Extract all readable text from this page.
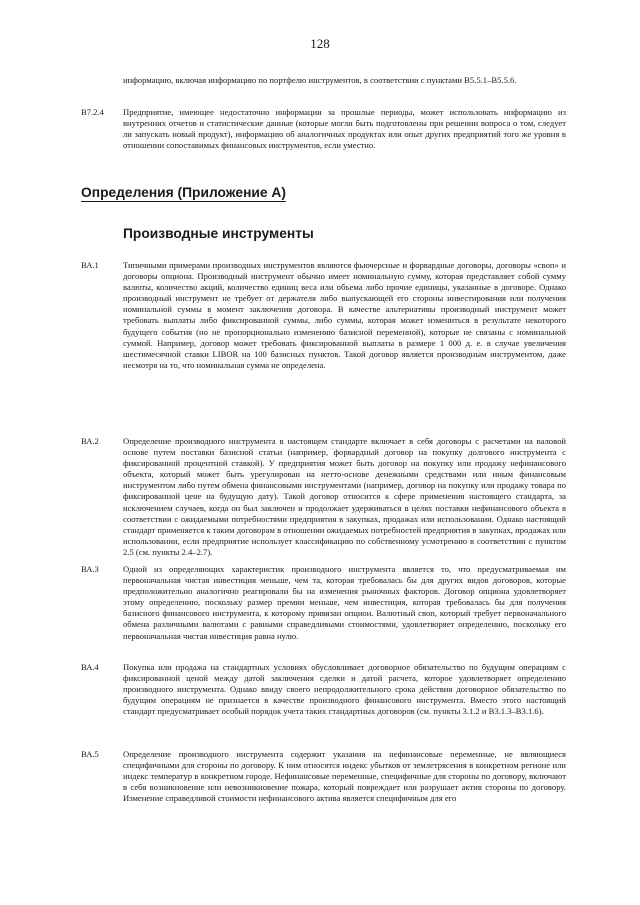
128
информацию, включая информацию по портфелю инструментов, в соответствии с пунктами В5.5.1–В5.5.6.
В7.2.4 Предприятие, имеющее недостаточно информации за прошлые периоды, может использовать информацию из внутренних отчетов и статистические данные (которые могли быть подготовлены при решении вопроса о том, следует ли запускать новый продукт), информацию об аналогичных продуктах или опыт других предприятий того же уровня в отношении сопоставимых финансовых инструментов, если уместно.
Определения (Приложение А)
Производные инструменты
ВА.1	Типичными примерами производных инструментов являются фьючерсные и форвардные договоры, договоры «своп» и договоры опциона. Производный инструмент обычно имеет номинальную сумму, которая представляет собой сумму валюты, количество акций, количество единиц веса или объема либо прочие единицы, указанные в договоре. Однако производный инструмент не требует от держателя либо выпускающей его стороны инвестирования или получения номинальной суммы в момент заключения договора. В качестве альтернативы производный инструмент может требовать выплаты либо фиксированной суммы, либо суммы, которая может измениться в результате некоторого будущего события (но не пропорционально изменению базисной переменной), которые не связаны с номинальной суммой. Например, договор может требовать фиксированной выплаты в размере 1 000 д. е. в случае увеличения шестимесячной ставки LIBOR на 100 базисных пунктов. Такой договор является производным инструментом, даже несмотря на то, что номинальная сумма не определена.
ВА.2	Определение производного инструмента в настоящем стандарте включает в себя договоры с расчетами на валовой основе путем поставки базисной статьи (например, форвардный договор на покупку долгового инструмента с фиксированной процентной ставкой). У предприятия может быть договор на покупку или продажу нефинансового объекта, который может быть урегулирован на нетто-основе денежными средствами или иным финансовым инструментом либо путем обмена финансовыми инструментами (например, договор на покупку или продажу товара по фиксированной цене на будущую дату). Такой договор относится к сфере применения настоящего стандарта, за исключением случаев, когда он был заключен и продолжает удерживаться в целях поставки нефинансового объекта в соответствии с ожидаемыми потребностями предприятия в закупках, продажах или использовании. Однако настоящий стандарт применяется к таким договорам в отношении ожидаемых потребностей предприятия в закупках, продажах или использовании, если предприятие использует классификацию по собственному усмотрению в соответствии с пунктом 2.5 (см. пункты 2.4–2.7).
ВА.3	Одной из определяющих характеристик производного инструмента является то, что предусматриваемая им первоначальная чистая инвестиция меньше, чем та, которая требовалась бы для других видов договоров, которые предположительно аналогично реагировали бы на изменения рыночных факторов. Договор опциона удовлетворяет этому определению, поскольку размер премии меньше, чем инвестиция, которая требовалась бы для получения базисного финансового инструмента, к которому привязан опцион. Валютный своп, который требует первоначального обмена различными валютами с равными справедливыми стоимостями, удовлетворяет определению, поскольку его первоначальная чистая инвестиция равна нулю.
ВА.4	Покупка или продажа на стандартных условиях обусловливает договорное обязательство по будущим операциям с фиксированной ценой между датой заключения сделки и датой расчета, которое удовлетворяет определению производного инструмента. Однако ввиду своего непродолжительного срока действия договорное обязательство по будущим операциям не признается в качестве производного финансового инструмента. Вместо этого настоящий стандарт предусматривает особый порядок учета таких стандартных договоров (см. пункты 3.1.2 и В3.1.3–В3.1.6).
ВА.5	Определение производного инструмента содержит указания на нефинансовые переменные, не являющиеся специфичными для стороны по договору. К ним относятся индекс убытков от землетрясения в конкретном регионе или индекс температур в конкретном городе. Нефинансовые переменные, специфичные для стороны по договору, включают в себя возникновение или невозникновение пожара, который повреждает или разрушает актив стороны по договору. Изменение справедливой стоимости нефинансового актива является специфичным для его
